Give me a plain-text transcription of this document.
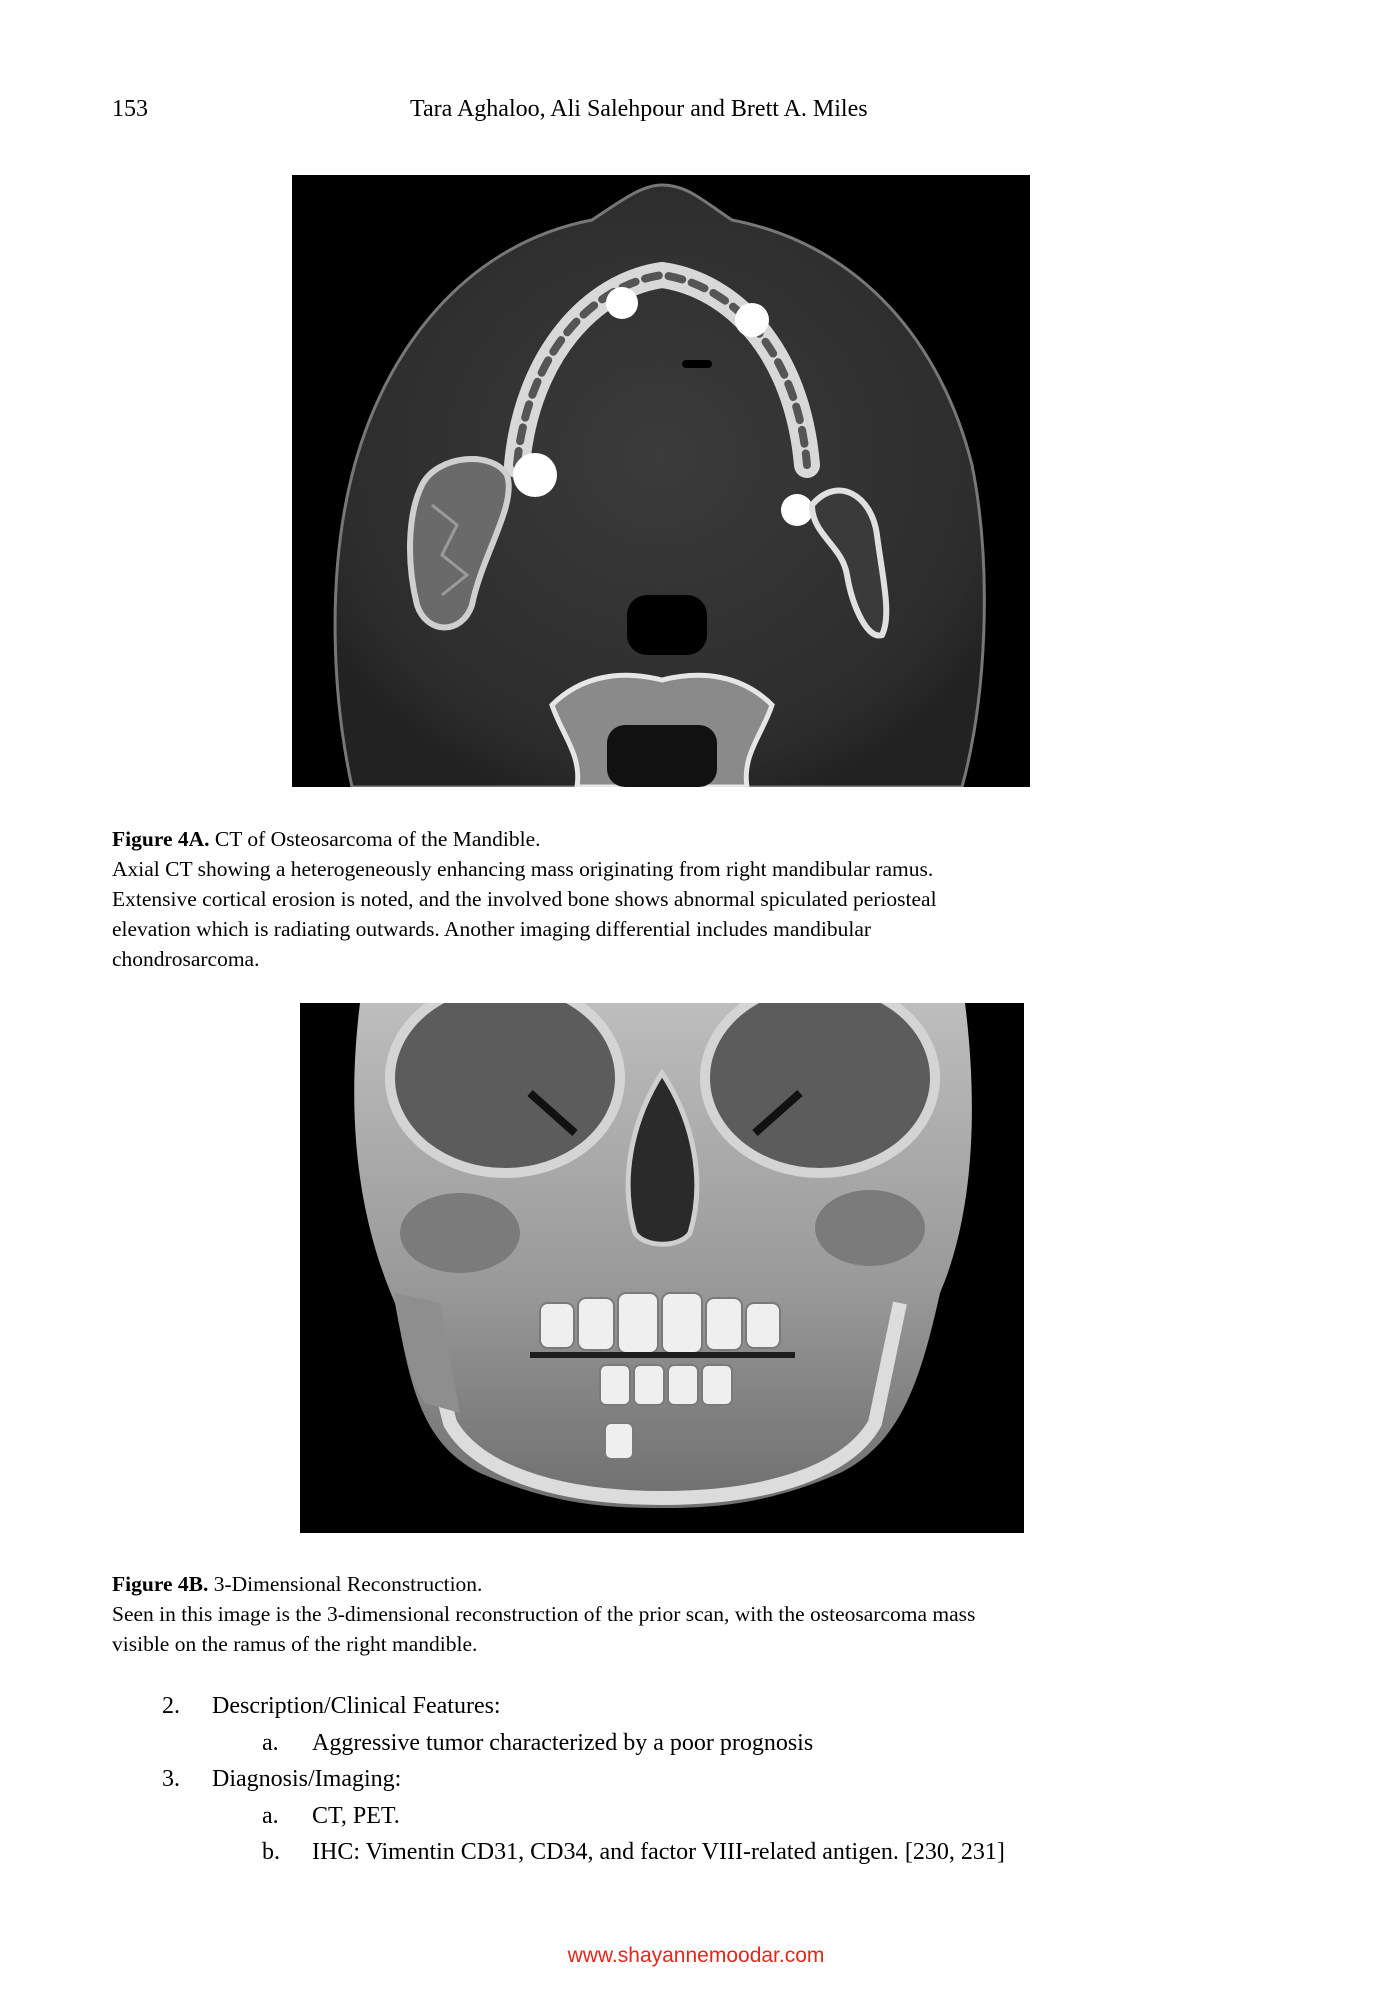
153	Tara Aghaloo, Ali Salehpour and Brett A. Miles
Figure 4A. CT of Osteosarcoma of the Mandible.
Axial CT showing a heterogeneously enhancing mass originating from right mandibular ramus.
Extensive cortical erosion is noted, and the involved bone shows abnormal spiculated periosteal
elevation which is radiating outwards. Another imaging differential includes mandibular
chondrosarcoma.
Figure 4B. 3-Dimensional Reconstruction.
Seen in this image is the 3-dimensional reconstruction of the prior scan, with the osteosarcoma mass
visible on the ramus of the right mandible.
2. Description/Clinical Features:
a. Aggressive tumor characterized by a poor prognosis
3. Diagnosis/Imaging:
a. CT, PET.
b. IHC: Vimentin CD31, CD34, and factor VIII-related antigen. [230, 231]
www.shayannemoodar.com
